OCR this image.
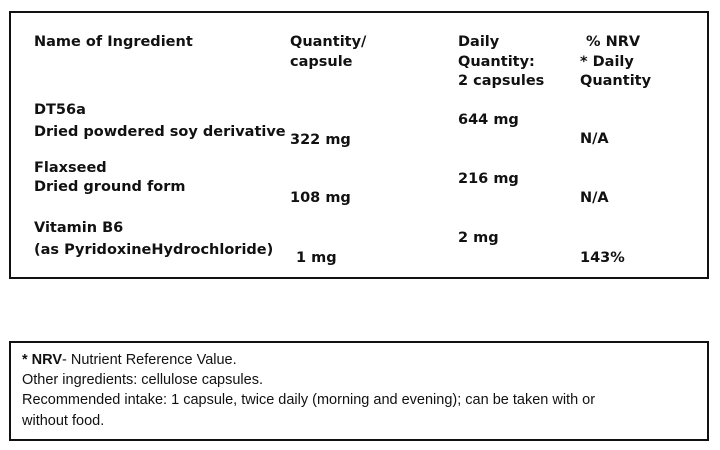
Name of Ingredient	Quantity/
capsule
Daily
Quantity:
2 capsules
% NRV
* Daily
Quantity
DT56a
Dried powdered soy derivative 322 mg
644 mg
N/A
Flaxseed
Dried ground form
108 mg
216 mg
N/A
Vitamin B6
(as PyridoxineHydrochloride) 1 mg
2 mg
143%
* NRV- Nutrient Reference Value.
Other ingredients: cellulose capsules.
Recommended intake: 1 capsule, twice daily (morning and evening); can be taken with or
without food.
